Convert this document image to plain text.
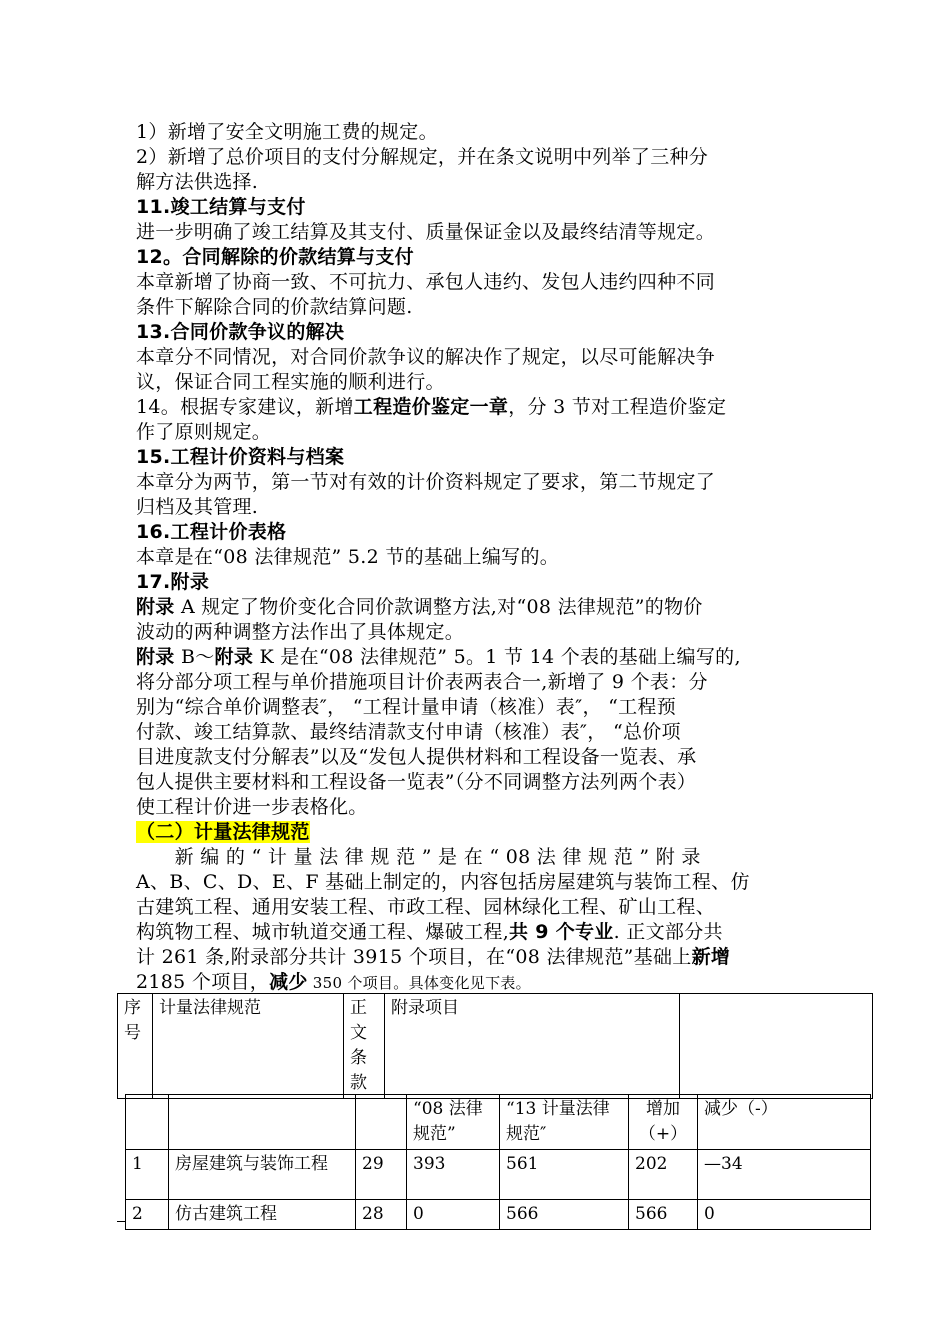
1）新增了安全文明施工费的规定。
2）新增了总价项目的支付分解规定，并在条文说明中列举了三种分
解方法供选择.
11.竣工结算与支付
进一步明确了竣工结算及其支付、质量保证金以及最终结清等规定。
12。合同解除的价款结算与支付
本章新增了协商一致、不可抗力、承包人违约、发包人违约四种不同
条件下解除合同的价款结算问题.
13.合同价款争议的解决
本章分不同情况，对合同价款争议的解决作了规定，以尽可能解决争
议，保证合同工程实施的顺利进行。
14。根据专家建议，新增工程造价鉴定一章，分 3 节对工程造价鉴定
作了原则规定。
15.工程计价资料与档案
本章分为两节，第一节对有效的计价资料规定了要求，第二节规定了
归档及其管理.
16.工程计价表格
本章是在“08 法律规范” 5.2 节的基础上编写的。
17.附录
附录 A 规定了物价变化合同价款调整方法,对“08 法律规范”的物价
波动的两种调整方法作出了具体规定。
附录 B～附录 K 是在“08 法律规范” 5。1 节 14 个表的基础上编写的,
将分部分项工程与单价措施项目计价表两表合一,新增了 9 个表：分
别为“综合单价调整表″， “工程计量申请（核准）表″， “工程预
付款、竣工结算款、最终结清款支付申请（核准）表″， “总价项
目进度款支付分解表”以及“发包人提供材料和工程设备一览表、承
包人提供主要材料和工程设备一览表”（分不同调整方法列两个表）
使工程计价进一步表格化。
（二）计量法律规范
　　新 编 的 “ 计 量 法 律 规 范 ” 是 在 “ 08 法 律 规 范 ” 附 录
A、B、C、D、E、F 基础上制定的，内容包括房屋建筑与装饰工程、仿
古建筑工程、通用安装工程、市政工程、园林绿化工程、矿山工程、
构筑物工程、城市轨道交通工程、爆破工程,共 9 个专业. 正文部分共
计 261 条,附录部分共计 3915 个项目，在“08 法律规范”基础上新增
2185 个项目，减少 350 个项目。具体变化见下表。
序号	计量法律规范	正文条款	附录项目	
			“08 法律规范”	“13 计量法律规范″	增加（+）	减少（-）
1	房屋建筑与装饰工程	29	393	561	202	—34
2	仿古建筑工程	28	0	566	566	0
